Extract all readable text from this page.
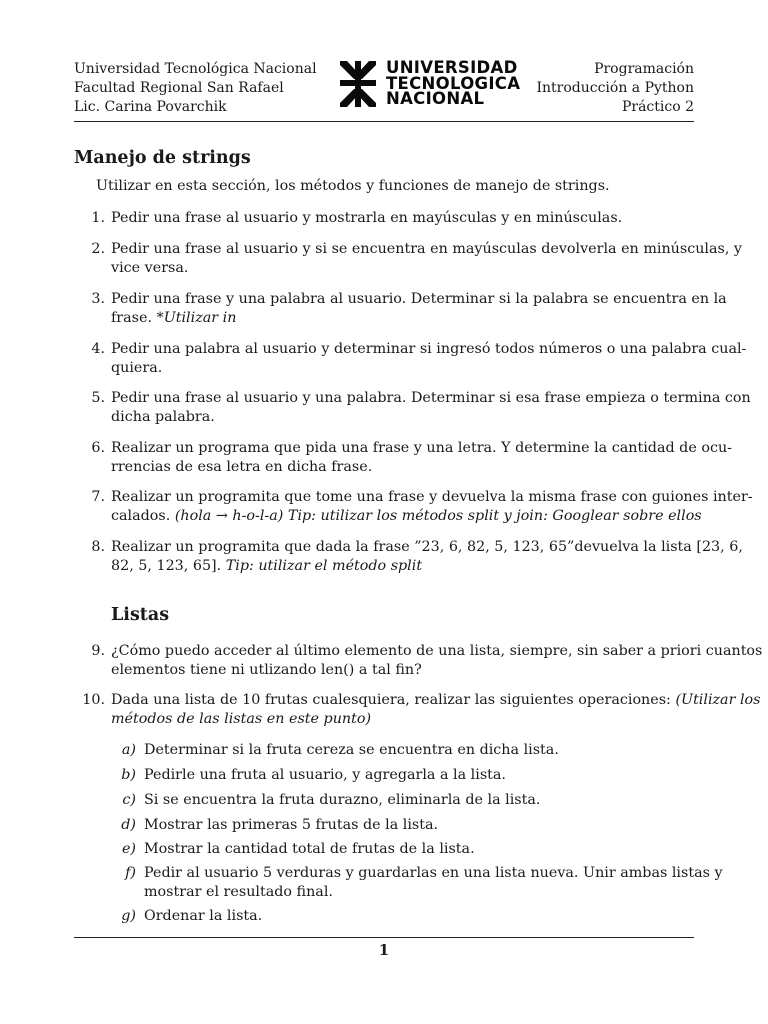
Universidad Tecnológica Nacional
Facultad Regional San Rafael
Lic. Carina Povarchik
UNIVERSIDAD
TECNOLOGICA
NACIONAL
Programación
Introducción a Python
Práctico 2
Manejo de strings
Utilizar en esta sección, los métodos y funciones de manejo de strings.
1. Pedir una frase al usuario y mostrarla en mayúsculas y en minúsculas.
2. Pedir una frase al usuario y si se encuentra en mayúsculas devolverla en minúsculas, y
vice versa.
3. Pedir una frase y una palabra al usuario. Determinar si la palabra se encuentra en la
frase. *Utilizar in
4. Pedir una palabra al usuario y determinar si ingresó todos números o una palabra cual-
quiera.
5. Pedir una frase al usuario y una palabra. Determinar si esa frase empieza o termina con
dicha palabra.
6. Realizar un programa que pida una frase y una letra. Y determine la cantidad de ocu-
rrencias de esa letra en dicha frase.
7. Realizar un programita que tome una frase y devuelva la misma frase con guiones inter-
calados. (hola → h-o-l-a) Tip: utilizar los métodos split y join: Googlear sobre ellos
8. Realizar un programita que dada la frase ”23, 6, 82, 5, 123, 65”devuelva la lista [23, 6,
82, 5, 123, 65]. Tip: utilizar el método split
Listas
9. ¿Cómo puedo acceder al último elemento de una lista, siempre, sin saber a priori cuantos
elementos tiene ni utlizando len() a tal fin?
10. Dada una lista de 10 frutas cualesquiera, realizar las siguientes operaciones: (Utilizar los
métodos de las listas en este punto)
a) Determinar si la fruta cereza se encuentra en dicha lista.
b) Pedirle una fruta al usuario, y agregarla a la lista.
c) Si se encuentra la fruta durazno, eliminarla de la lista.
d) Mostrar las primeras 5 frutas de la lista.
e) Mostrar la cantidad total de frutas de la lista.
f) Pedir al usuario 5 verduras y guardarlas en una lista nueva. Unir ambas listas y
mostrar el resultado final.
g) Ordenar la lista.
1
